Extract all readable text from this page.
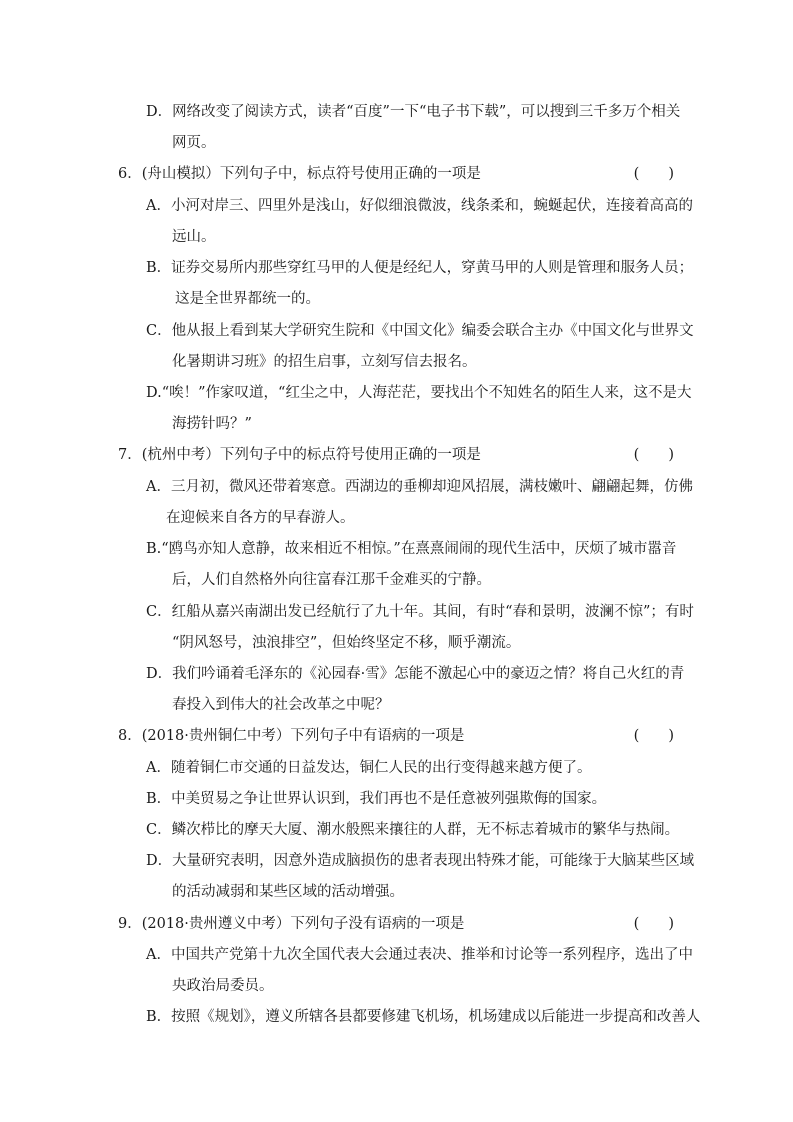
D．网络改变了阅读方式，读者“百度”一下“电子书下载”，可以搜到三千多万个相关
网页。
6．(舟山模拟）下列句子中，标点符号使用正确的一项是	(　　)
A．小河对岸三、四里外是浅山，好似细浪微波，线条柔和，蜿蜒起伏，连接着高高的
远山。
B．证券交易所内那些穿红马甲的人便是经纪人，穿黄马甲的人则是管理和服务人员；
这是全世界都统一的。
C．他从报上看到某大学研究生院和《中国文化》编委会联合主办《中国文化与世界文
化暑期讲习班》的招生启事，立刻写信去报名。
D.“唉！”作家叹道，“红尘之中，人海茫茫，要找出个不知姓名的陌生人来，这不是大
海捞针吗？”
7．(杭州中考）下列句子中的标点符号使用正确的一项是	(　　)
A．三月初，微风还带着寒意。西湖边的垂柳却迎风招展，满枝嫩叶、翩翩起舞，仿佛
在迎候来自各方的早春游人。
B.“鸥鸟亦知人意静，故来相近不相惊。”在熹熹闹闹的现代生活中，厌烦了城市嚣音
后，人们自然格外向往富春江那千金难买的宁静。
C．红船从嘉兴南湖出发已经航行了九十年。其间，有时“春和景明，波澜不惊”；有时
“阴风怒号，浊浪排空”，但始终坚定不移，顺乎潮流。
D．我们吟诵着毛泽东的《沁园春·雪》怎能不激起心中的豪迈之情？将自己火红的青
春投入到伟大的社会改革之中呢？
8．(2018·贵州铜仁中考）下列句子中有语病的一项是	(　　)
A．随着铜仁市交通的日益发达，铜仁人民的出行变得越来越方便了。
B．中美贸易之争让世界认识到，我们再也不是任意被列强欺侮的国家。
C．鳞次栉比的摩天大厦、潮水般熙来攘往的人群，无不标志着城市的繁华与热闹。
D．大量研究表明，因意外造成脑损伤的患者表现出特殊才能，可能缘于大脑某些区域
的活动减弱和某些区域的活动增强。
9．(2018·贵州遵义中考）下列句子没有语病的一项是	(　　)
A．中国共产党第十九次全国代表大会通过表决、推举和讨论等一系列程序，选出了中
央政治局委员。
B．按照《规划》，遵义所辖各县都要修建飞机场，机场建成以后能进一步提高和改善人
